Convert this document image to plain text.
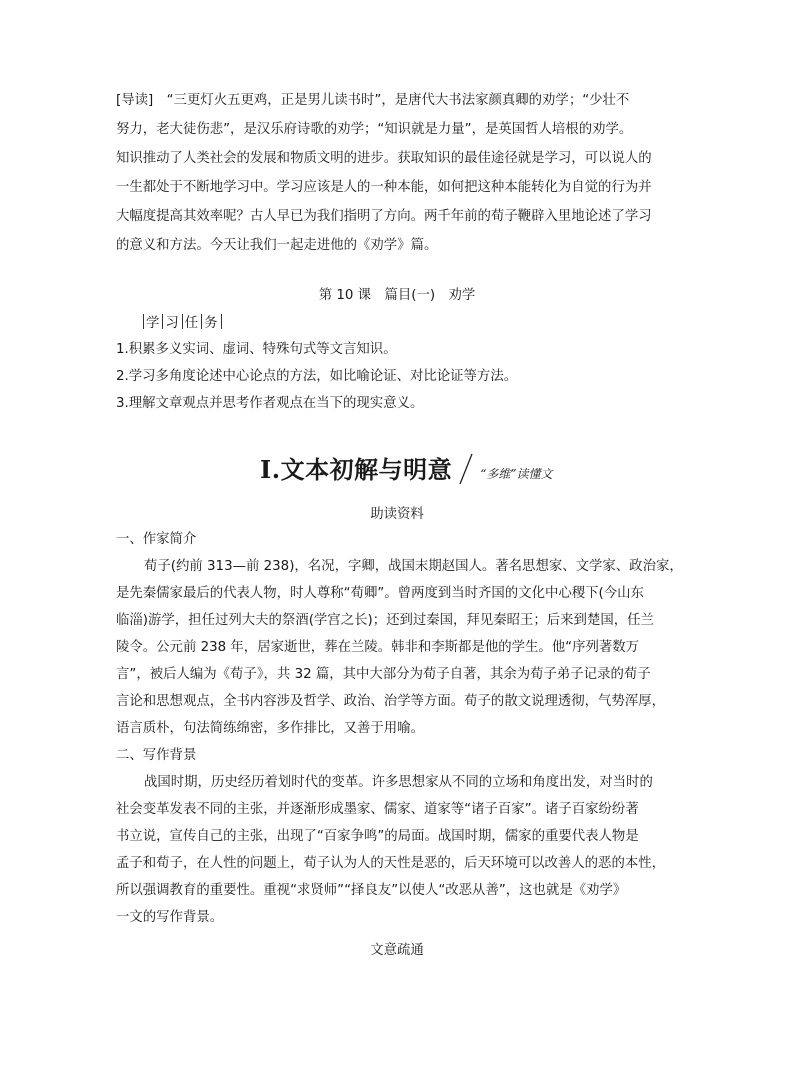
[导读]　“三更灯火五更鸡，正是男儿读书时”，是唐代大书法家颜真卿的劝学；“少壮不
努力，老大徒伤悲”，是汉乐府诗歌的劝学；“知识就是力量”，是英国哲人培根的劝学。
知识推动了人类社会的发展和物质文明的进步。获取知识的最佳途径就是学习，可以说人的
一生都处于不断地学习中。学习应该是人的一种本能，如何把这种本能转化为自觉的行为并
大幅度提高其效率呢？古人早已为我们指明了方向。两千年前的荀子鞭辟入里地论述了学习
的意义和方法。今天让我们一起走进他的《劝学》篇。
第 10 课　篇目(一)　劝学
学 习 任 务
1.积累多义实词、虚词、特殊句式等文言知识。
2.学习多角度论述中心论点的方法，如比喻论证、对比论证等方法。
3.理解文章观点并思考作者观点在当下的现实意义。
Ⅰ.文本初解与明意 “多维”读懂文
助读资料
一、作家简介
荀子(约前 313—前 238)，名况，字卿，战国末期赵国人。著名思想家、文学家、政治家，
是先秦儒家最后的代表人物，时人尊称“荀卿”。曾两度到当时齐国的文化中心稷下(今山东
临淄)游学，担任过列大夫的祭酒(学宫之长)；还到过秦国，拜见秦昭王；后来到楚国，任兰
陵令。公元前 238 年，居家逝世，葬在兰陵。韩非和李斯都是他的学生。他“序列著数万
言”，被后人编为《荀子》，共 32 篇，其中大部分为荀子自著，其余为荀子弟子记录的荀子
言论和思想观点，全书内容涉及哲学、政治、治学等方面。荀子的散文说理透彻，气势浑厚，
语言质朴，句法简练绵密，多作排比，又善于用喻。
二、写作背景
战国时期，历史经历着划时代的变革。许多思想家从不同的立场和角度出发，对当时的
社会变革发表不同的主张，并逐渐形成墨家、儒家、道家等“诸子百家”。诸子百家纷纷著
书立说，宣传自己的主张，出现了“百家争鸣”的局面。战国时期，儒家的重要代表人物是
孟子和荀子，在人性的问题上，荀子认为人的天性是恶的，后天环境可以改善人的恶的本性，
所以强调教育的重要性。重视“求贤师”“择良友”以使人“改恶从善”，这也就是《劝学》
一文的写作背景。
文意疏通
